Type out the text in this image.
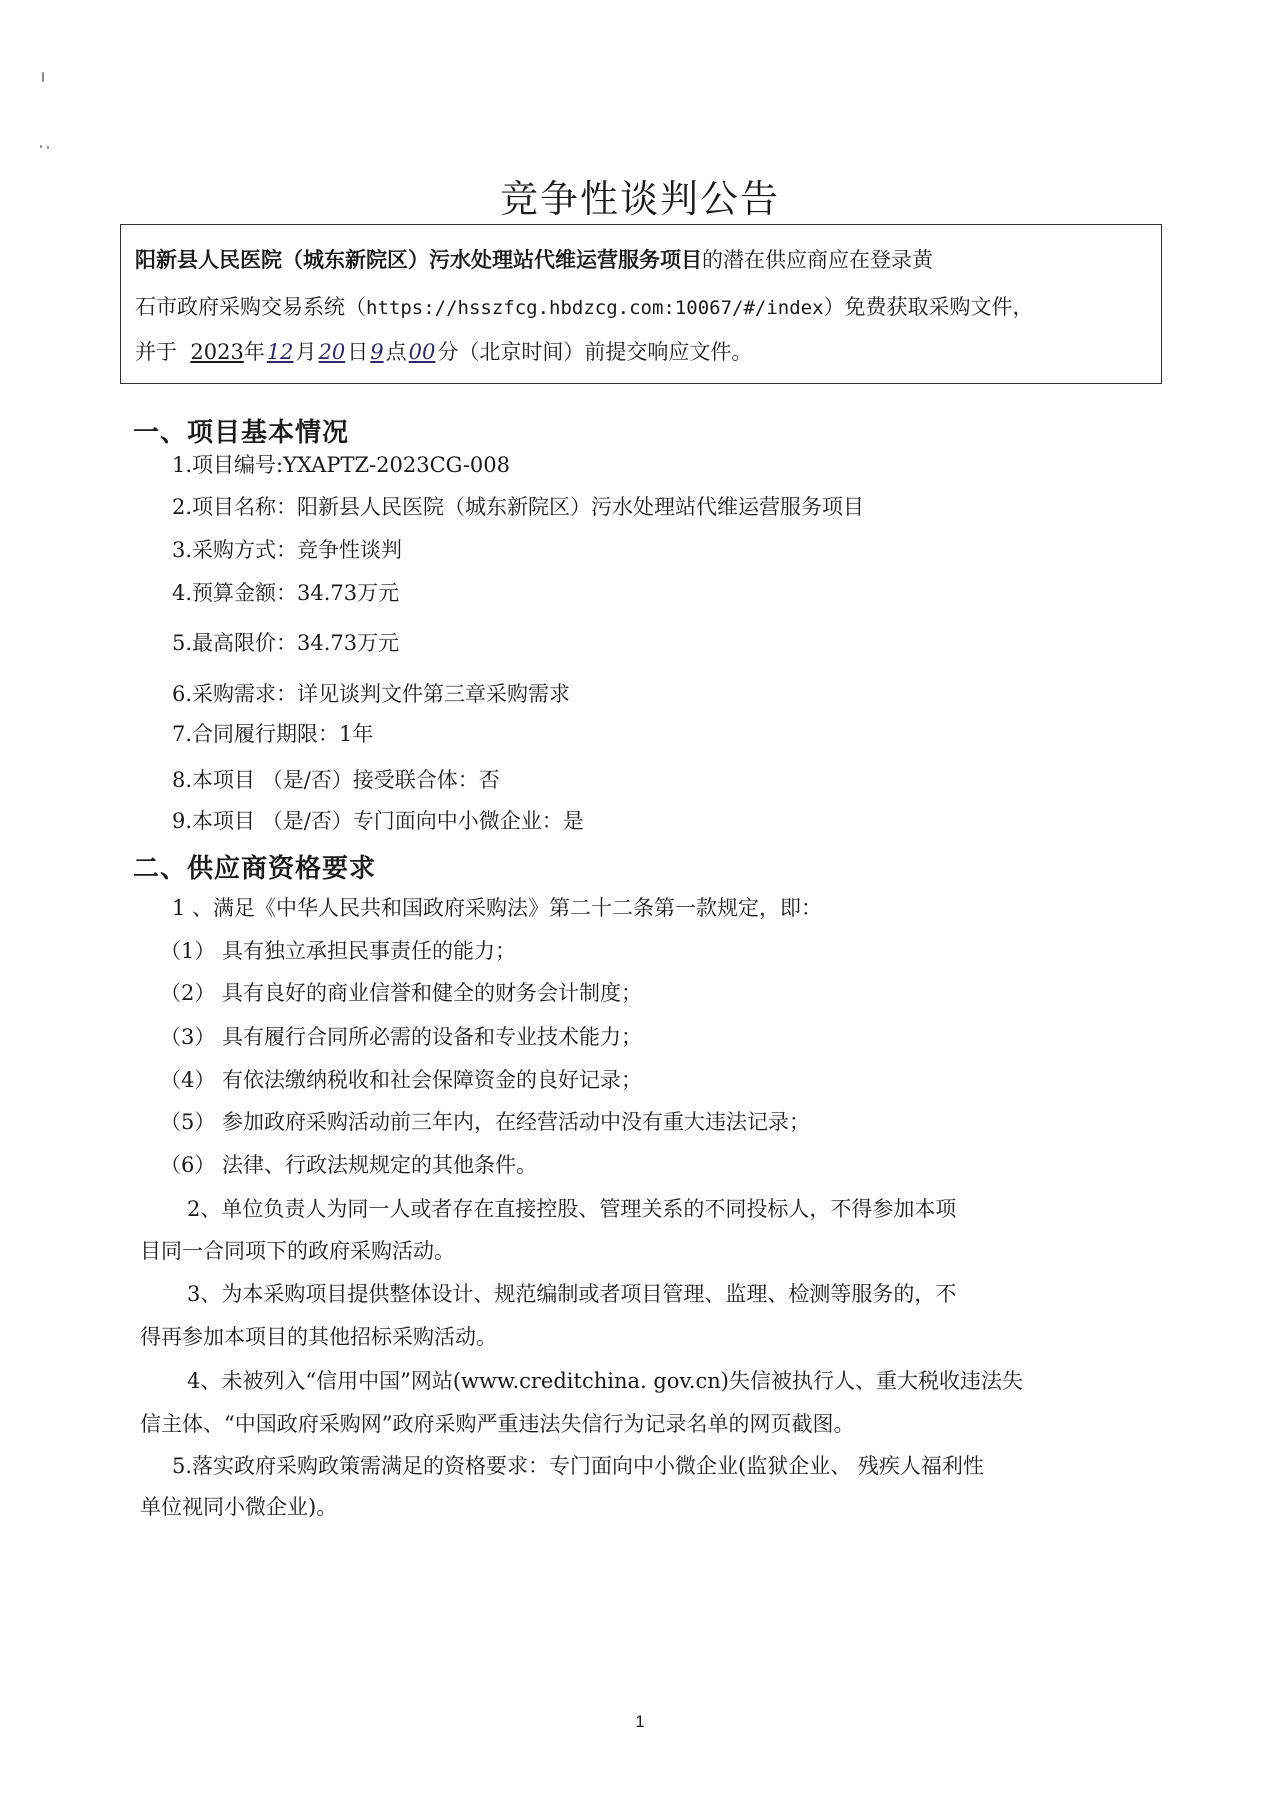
竞争性谈判公告
阳新县人民医院（城东新院区）污水处理站代维运营服务项目的潜在供应商应在登录黄
石市政府采购交易系统（https://hsszfcg.hbdzcg.com:10067/#/index）免费获取采购文件，
并于 2023年12月20日9点00分（北京时间）前提交响应文件。
一、项目基本情况
1.项目编号:YXAPTZ-2023CG-008
2.项目名称：阳新县人民医院（城东新院区）污水处理站代维运营服务项目
3.采购方式：竞争性谈判
4.预算金额：34.73万元
5.最高限价：34.73万元
6.采购需求：详见谈判文件第三章采购需求
7.合同履行期限：1年
8.本项目 （是/否）接受联合体：否
9.本项目 （是/否）专门面向中小微企业：是
二、供应商资格要求
1 、满足《中华人民共和国政府采购法》第二十二条第一款规定，即：
（1） 具有独立承担民事责任的能力；
（2） 具有良好的商业信誉和健全的财务会计制度；
（3） 具有履行合同所必需的设备和专业技术能力；
（4） 有依法缴纳税收和社会保障资金的良好记录；
（5） 参加政府采购活动前三年内，在经营活动中没有重大违法记录；
（6） 法律、行政法规规定的其他条件。
2、单位负责人为同一人或者存在直接控股、管理关系的不同投标人，不得参加本项
目同一合同项下的政府采购活动。
3、为本采购项目提供整体设计、规范编制或者项目管理、监理、检测等服务的，不
得再参加本项目的其他招标采购活动。
4、未被列入“信用中国”网站(www.creditchina. gov.cn)失信被执行人、重大税收违法失
信主体、“中国政府采购网”政府采购严重违法失信行为记录名单的网页截图。
5.落实政府采购政策需满足的资格要求：专门面向中小微企业(监狱企业、 残疾人福利性
单位视同小微企业)。
1
